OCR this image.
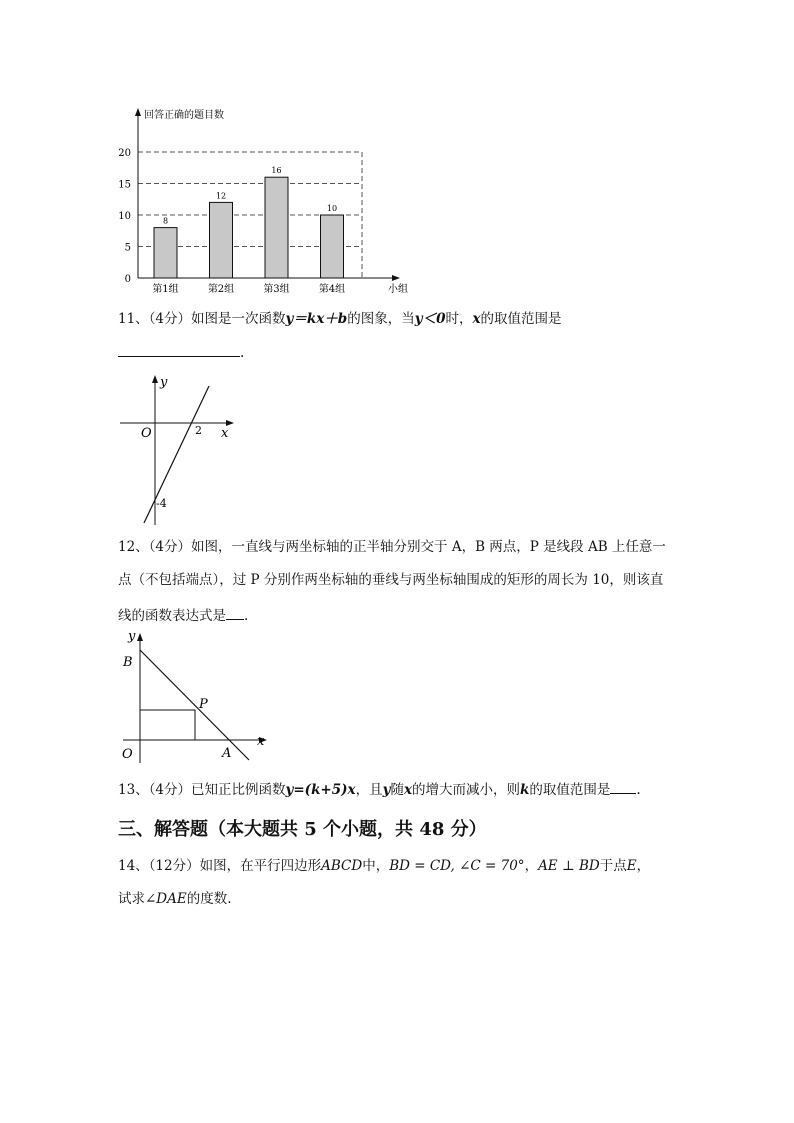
8
12
16
10
回答正确的题目数
小组
0
5
10
15
20
第1组	第2组	第3组	第4组
11、（4分）如图是一次函数y＝kx＋b的图象，当y＜0时，x的取值范围是
.
y
x
O	2
-4
12、（4分）如图，一直线与两坐标轴的正半轴分别交于 A，B 两点，P 是线段 AB 上任意一
点（不包括端点），过 P 分别作两坐标轴的垂线与两坐标轴围成的矩形的周长为 10，则该直
线的函数表达式是 .
y
x
O
B
P
A
13、（4分）已知正比例函数y=(k+5)x，且y随x的增大而减小，则k的取值范围是 .
三、解答题（本大题共 5 个小题，共 48 分）
14、（12分）如图，在平行四边形ABCD中，BD = CD, ∠C = 70°，AE ⊥ BD于点E，
试求∠DAE的度数.
